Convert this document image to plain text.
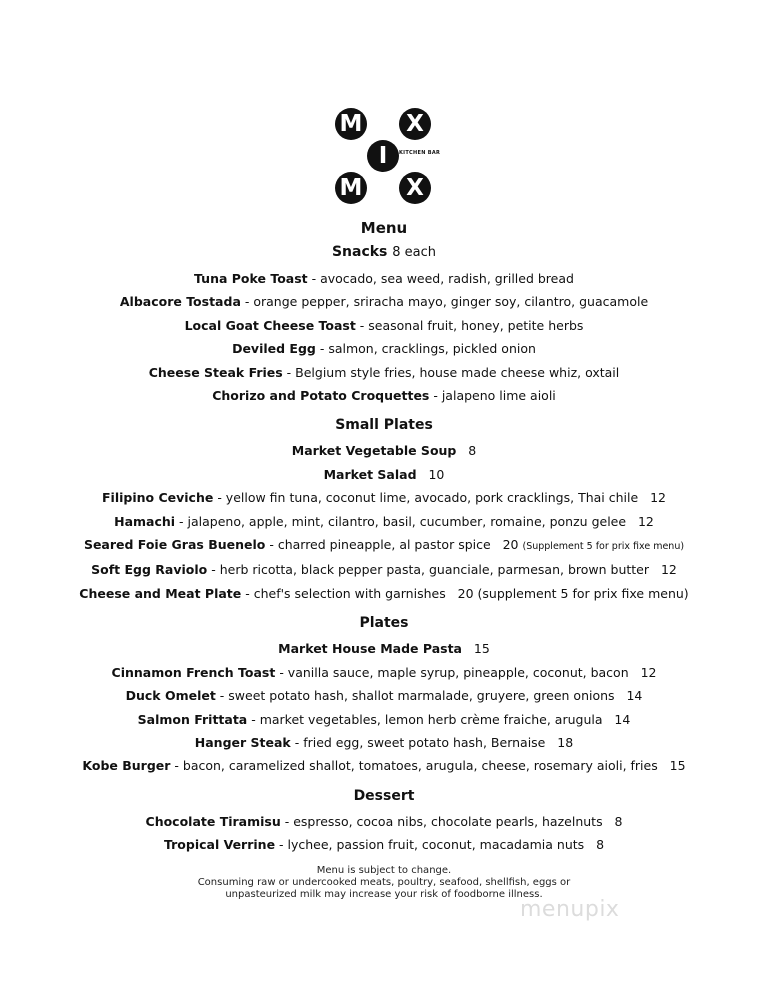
M	X
I
M	X
KITCHEN BAR
Menu
Snacks 8 each
Tuna Poke Toast - avocado, sea weed, radish, grilled bread
Albacore Tostada - orange pepper, sriracha mayo, ginger soy, cilantro, guacamole
Local Goat Cheese Toast - seasonal fruit, honey, petite herbs
Deviled Egg - salmon, cracklings, pickled onion
Cheese Steak Fries - Belgium style fries, house made cheese whiz, oxtail
Chorizo and Potato Croquettes - jalapeno lime aioli
Small Plates
Market Vegetable Soup 8
Market Salad 10
Filipino Ceviche - yellow fin tuna, coconut lime, avocado, pork cracklings, Thai chile 12
Hamachi - jalapeno, apple, mint, cilantro, basil, cucumber, romaine, ponzu gelee 12
Seared Foie Gras Buenelo - charred pineapple, al pastor spice 20 (Supplement 5 for prix fixe menu)
Soft Egg Raviolo - herb ricotta, black pepper pasta, guanciale, parmesan, brown butter 12
Cheese and Meat Plate - chef's selection with garnishes 20 (supplement 5 for prix fixe menu)
Plates
Market House Made Pasta 15
Cinnamon French Toast - vanilla sauce, maple syrup, pineapple, coconut, bacon 12
Duck Omelet - sweet potato hash, shallot marmalade, gruyere, green onions 14
Salmon Frittata - market vegetables, lemon herb crème fraiche, arugula 14
Hanger Steak - fried egg, sweet potato hash, Bernaise 18
Kobe Burger - bacon, caramelized shallot, tomatoes, arugula, cheese, rosemary aioli, fries 15
Dessert
Chocolate Tiramisu - espresso, cocoa nibs, chocolate pearls, hazelnuts 8
Tropical Verrine - lychee, passion fruit, coconut, macadamia nuts 8
Menu is subject to change.
Consuming raw or undercooked meats, poultry, seafood, shellfish, eggs or
unpasteurized milk may increase your risk of foodborne illness.
menupix
